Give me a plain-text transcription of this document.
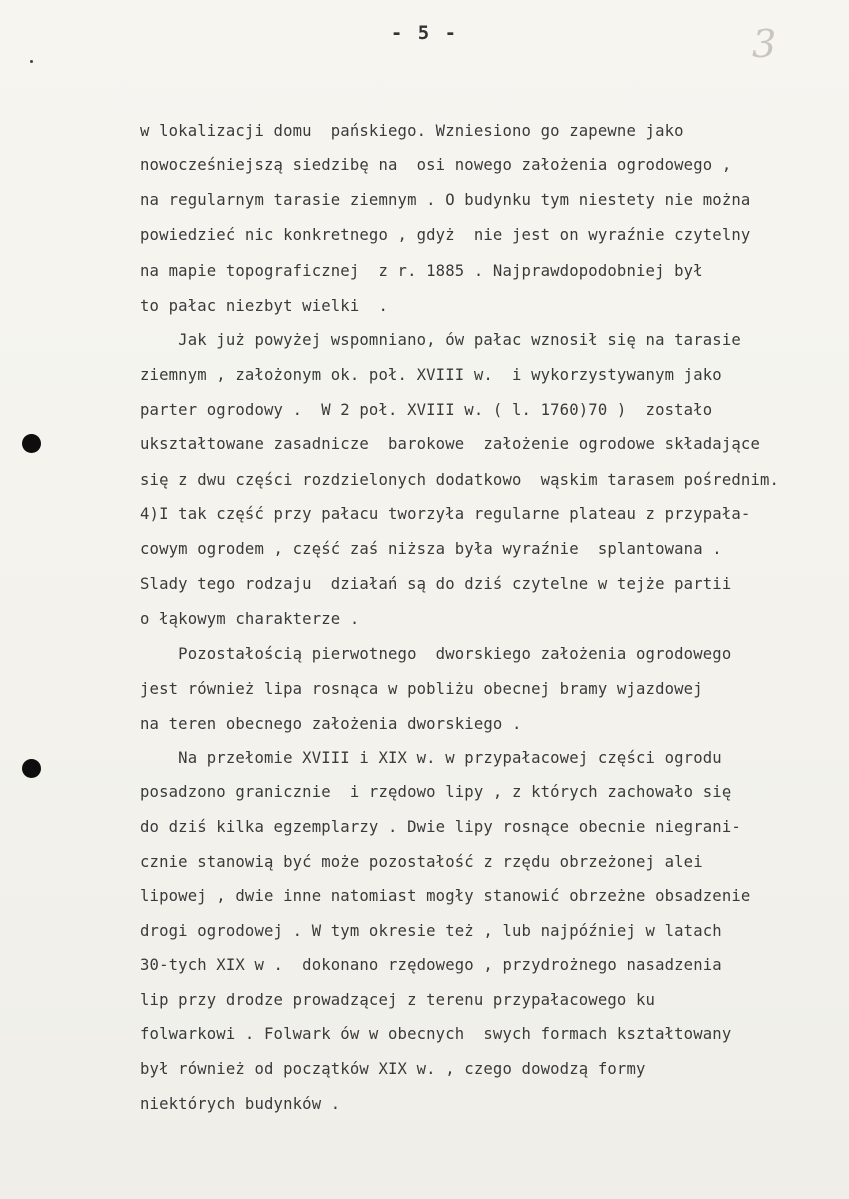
- 5 -	3
w lokalizacji domu  pańskiego. Wzniesiono go zapewne jako
nowocześniejszą siedzibę na  osi nowego założenia ogrodowego ,
na regularnym tarasie ziemnym . O budynku tym niestety nie można
powiedzieć nic konkretnego , gdyż  nie jest on wyraźnie czytelny
na mapie topograficznej  z r. 1885 . Najprawdopodobniej był
to pałac niezbyt wielki  .
Jak już powyżej wspomniano, ów pałac wznosił się na tarasie
ziemnym , założonym ok. poł. XVIII w.  i wykorzystywanym jako
parter ogrodowy .  W 2 poł. XVIII w. ( l. 1760)70 )  zostało
ukształtowane zasadnicze  barokowe  założenie ogrodowe składające
się z dwu części rozdzielonych dodatkowo  wąskim tarasem pośrednim.
4)I tak część przy pałacu tworzyła regularne plateau z przypała-
cowym ogrodem , część zaś niższa była wyraźnie  splantowana .
Slady tego rodzaju  działań są do dziś czytelne w tejże partii
o łąkowym charakterze .
Pozostałością pierwotnego  dworskiego założenia ogrodowego
jest również lipa rosnąca w pobliżu obecnej bramy wjazdowej
na teren obecnego założenia dworskiego .
Na przełomie XVIII i XIX w. w przypałacowej części ogrodu
posadzono granicznie  i rzędowo lipy , z których zachowało się
do dziś kilka egzemplarzy . Dwie lipy rosnące obecnie niegrani-
cznie stanowią być może pozostałość z rzędu obrzeżonej alei
lipowej , dwie inne natomiast mogły stanowić obrzeżne obsadzenie
drogi ogrodowej . W tym okresie też , lub najpóźniej w latach
30-tych XIX w .  dokonano rzędowego , przydrożnego nasadzenia
lip przy drodze prowadzącej z terenu przypałacowego ku
folwarkowi . Folwark ów w obecnych  swych formach kształtowany
był również od początków XIX w. , czego dowodzą formy
niektórych budynków .
